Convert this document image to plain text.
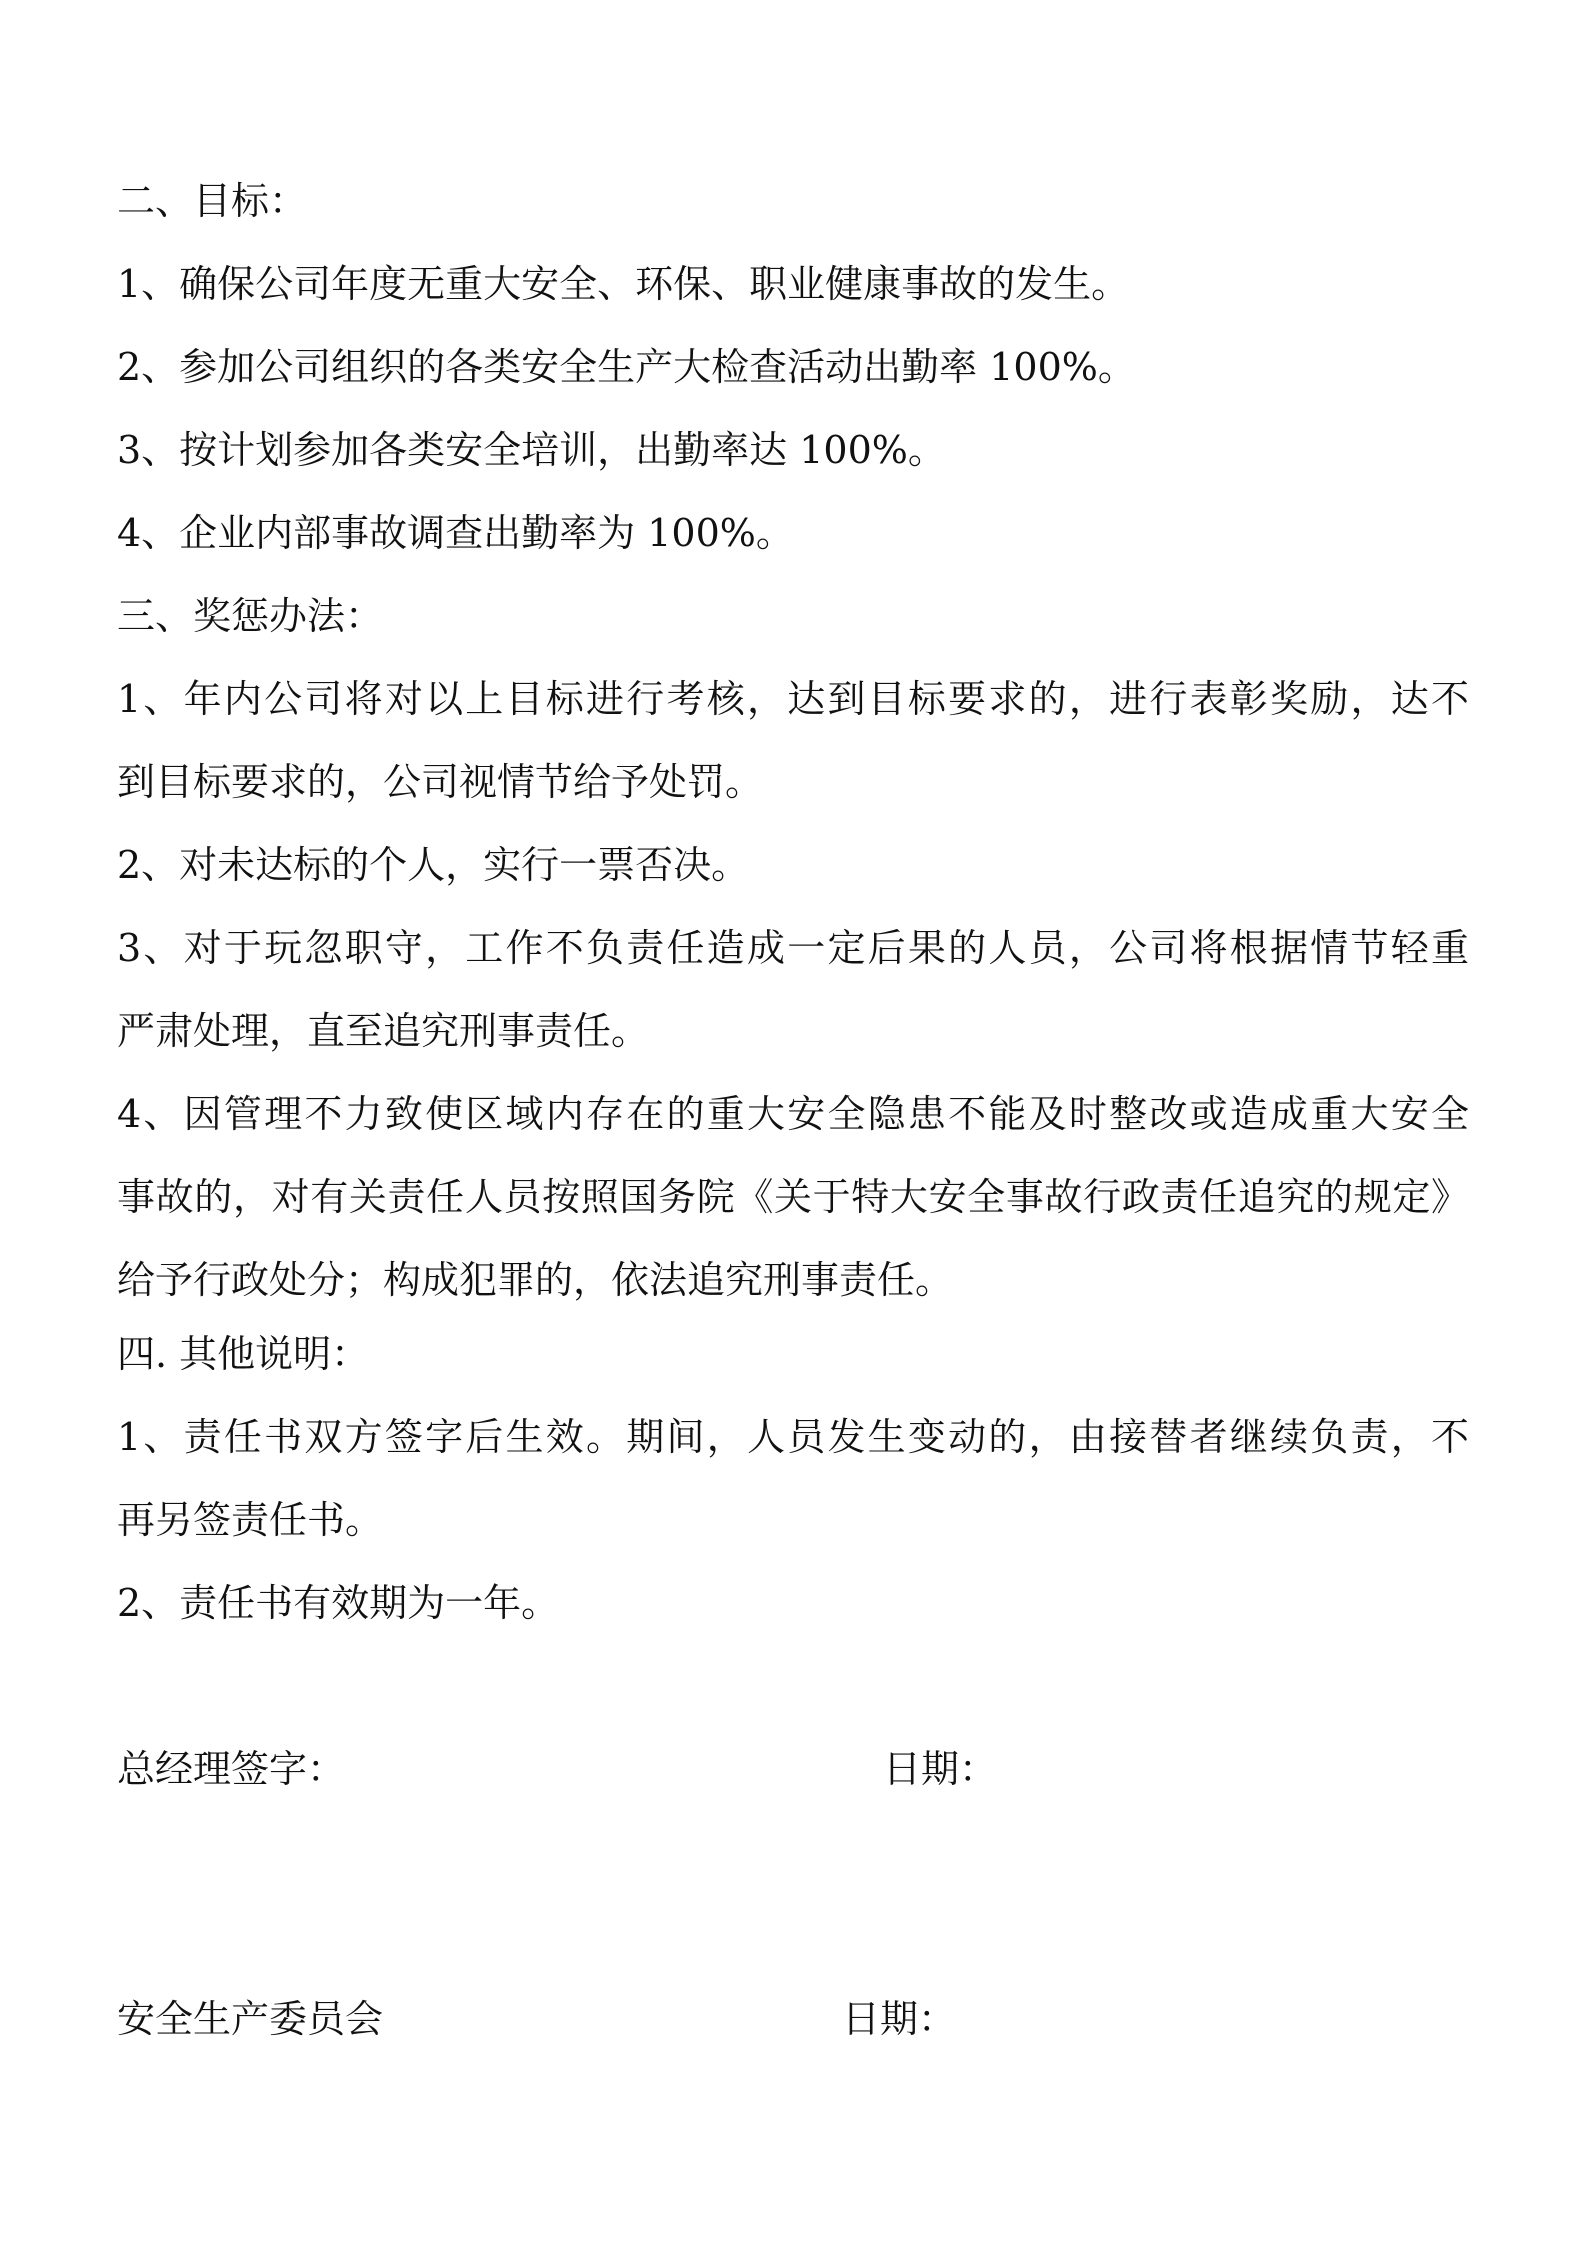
二、目标：

1、确保公司年度无重大安全、环保、职业健康事故的发生。

2、参加公司组织的各类安全生产大检查活动出勤率 100%。

3、按计划参加各类安全培训，出勤率达 100%。

4、企业内部事故调查出勤率为 100%。

三、奖惩办法：

1、年内公司将对以上目标进行考核，达到目标要求的，进行表彰奖励，达不

到目标要求的，公司视情节给予处罚。

2、对未达标的个人，实行一票否决。

3、对于玩忽职守，工作不负责任造成一定后果的人员，公司将根据情节轻重

严肃处理，直至追究刑事责任。

4、因管理不力致使区域内存在的重大安全隐患不能及时整改或造成重大安全

事故的，对有关责任人员按照国务院《关于特大安全事故行政责任追究的规定》

给予行政处分；构成犯罪的，依法追究刑事责任。

四. 其他说明：

1、责任书双方签字后生效。期间，人员发生变动的，由接替者继续负责，不

再另签责任书。

2、责任书有效期为一年。

总经理签字：	日期：
安全生产委员会	日期：
